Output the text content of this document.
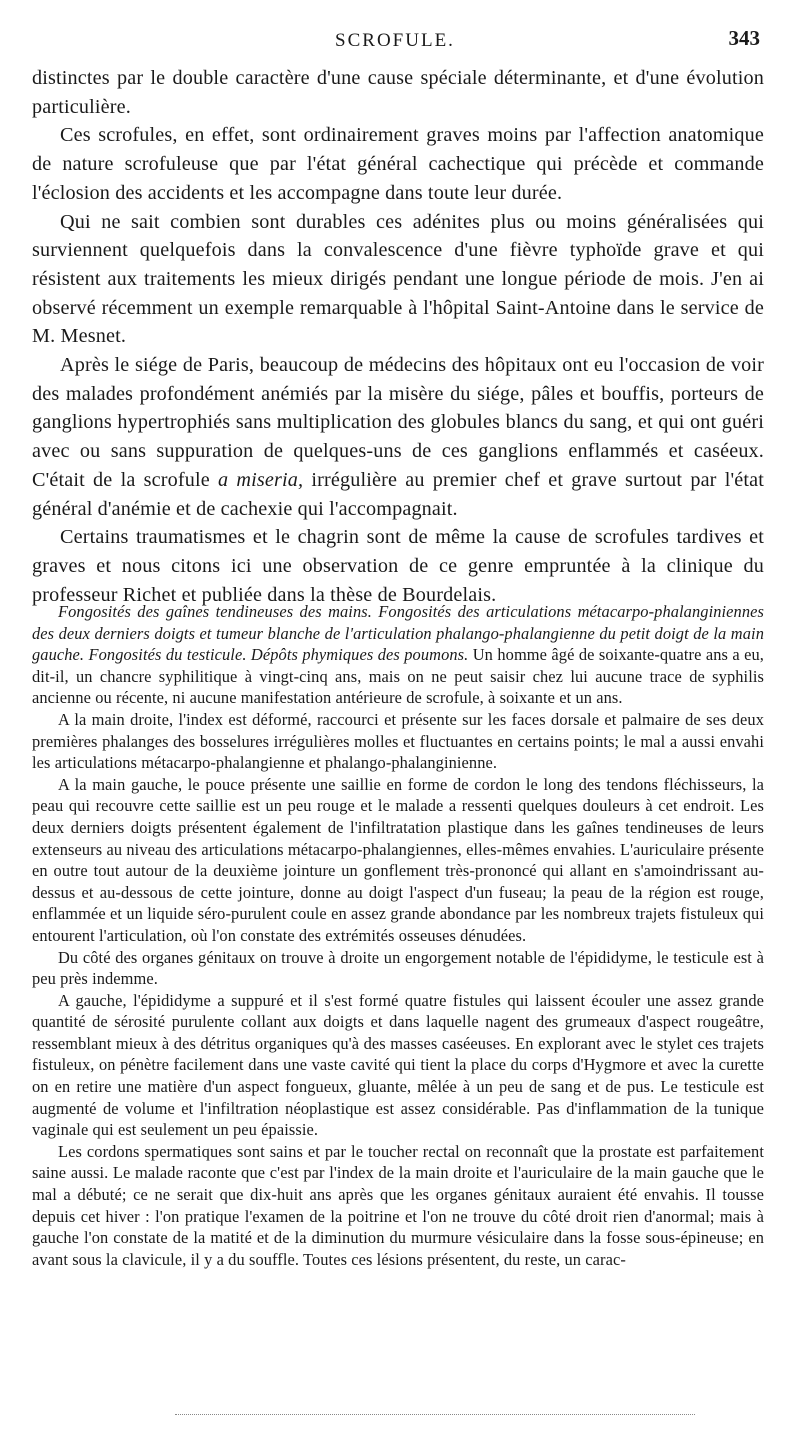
SCROFULE.	343

distinctes par le double caractère d'une cause spéciale déterminante, et d'une évolution particulière.

Ces scrofules, en effet, sont ordinairement graves moins par l'affection anatomique de nature scrofuleuse que par l'état général cachectique qui précède et commande l'éclosion des accidents et les accompagne dans toute leur durée.

Qui ne sait combien sont durables ces adénites plus ou moins généralisées qui surviennent quelquefois dans la convalescence d'une fièvre typhoïde grave et qui résistent aux traitements les mieux dirigés pendant une longue période de mois. J'en ai observé récemment un exemple remarquable à l'hôpital Saint-Antoine dans le service de M. Mesnet.

Après le siége de Paris, beaucoup de médecins des hôpitaux ont eu l'occasion de voir des malades profondément anémiés par la misère du siége, pâles et bouffis, porteurs de ganglions hypertrophiés sans multiplication des globules blancs du sang, et qui ont guéri avec ou sans suppuration de quelques-uns de ces ganglions enflammés et caséeux. C'était de la scrofule a miseria, irrégulière au premier chef et grave surtout par l'état général d'anémie et de cachexie qui l'accompagnait.

Certains traumatismes et le chagrin sont de même la cause de scrofules tardives et graves et nous citons ici une observation de ce genre empruntée à la clinique du professeur Richet et publiée dans la thèse de Bourdelais.

Fongosités des gaînes tendineuses des mains. Fongosités des articulations métacarpo-phalanginiennes des deux derniers doigts et tumeur blanche de l'articulation phalango-phalangienne du petit doigt de la main gauche. Fongosités du testicule. Dépôts phymiques des poumons. Un homme âgé de soixante-quatre ans a eu, dit-il, un chancre syphilitique à vingt-cinq ans, mais on ne peut saisir chez lui aucune trace de syphilis ancienne ou récente, ni aucune manifestation antérieure de scrofule, à soixante et un ans.

A la main droite, l'index est déformé, raccourci et présente sur les faces dorsale et palmaire de ses deux premières phalanges des bosselures irrégulières molles et fluctuantes en certains points; le mal a aussi envahi les articulations métacarpo-phalangienne et phalango-phalanginienne.

A la main gauche, le pouce présente une saillie en forme de cordon le long des tendons fléchisseurs, la peau qui recouvre cette saillie est un peu rouge et le malade a ressenti quelques douleurs à cet endroit. Les deux derniers doigts présentent également de l'infiltratation plastique dans les gaînes tendineuses de leurs extenseurs au niveau des articulations métacarpo-phalangiennes, elles-mêmes envahies. L'auriculaire présente en outre tout autour de la deuxième jointure un gonflement très-prononcé qui allant en s'amoindrissant au-dessus et au-dessous de cette jointure, donne au doigt l'aspect d'un fuseau; la peau de la région est rouge, enflammée et un liquide séro-purulent coule en assez grande abondance par les nombreux trajets fistuleux qui entourent l'articulation, où l'on constate des extrémités osseuses dénudées.

Du côté des organes génitaux on trouve à droite un engorgement notable de l'épididyme, le testicule est à peu près indemme.

A gauche, l'épididyme a suppuré et il s'est formé quatre fistules qui laissent écouler une assez grande quantité de sérosité purulente collant aux doigts et dans laquelle nagent des grumeaux d'aspect rougeâtre, ressemblant mieux à des détritus organiques qu'à des masses caséeuses. En explorant avec le stylet ces trajets fistuleux, on pénètre facilement dans une vaste cavité qui tient la place du corps d'Hygmore et avec la curette on en retire une matière d'un aspect fongueux, gluante, mêlée à un peu de sang et de pus. Le testicule est augmenté de volume et l'infiltration néoplastique est assez considérable. Pas d'inflammation de la tunique vaginale qui est seulement un peu épaissie.

Les cordons spermatiques sont sains et par le toucher rectal on reconnaît que la prostate est parfaitement saine aussi. Le malade raconte que c'est par l'index de la main droite et l'auriculaire de la main gauche que le mal a débuté; ce ne serait que dix-huit ans après que les organes génitaux auraient été envahis. Il tousse depuis cet hiver : l'on pratique l'examen de la poitrine et l'on ne trouve du côté droit rien d'anormal; mais à gauche l'on constate de la matité et de la diminution du murmure vésiculaire dans la fosse sous-épineuse; en avant sous la clavicule, il y a du souffle. Toutes ces lésions présentent, du reste, un carac-
